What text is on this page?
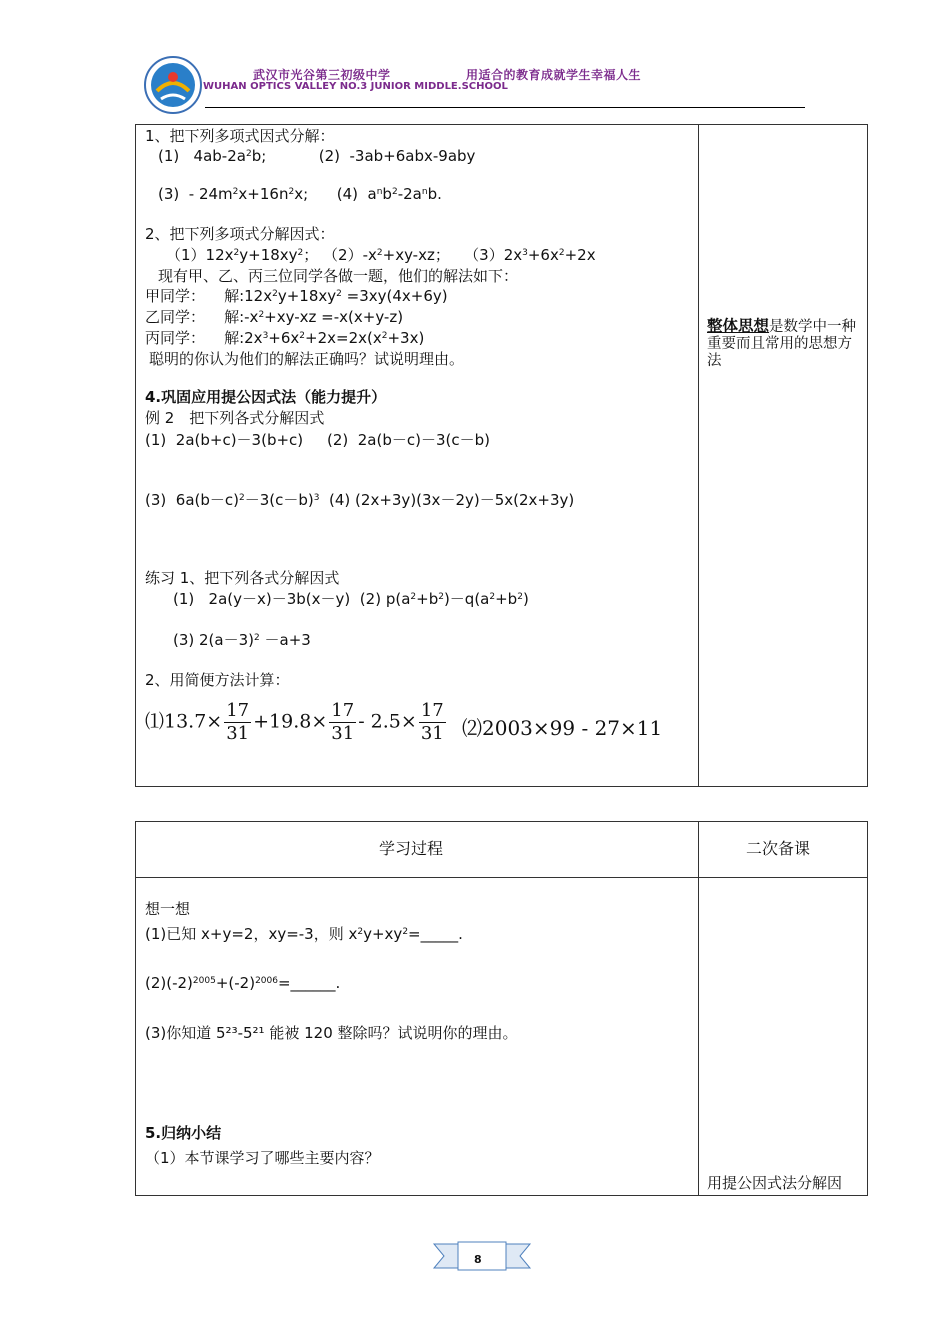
武汉市光谷第三初级中学	用适合的教育成就学生幸福人生
WUHAN OPTICS VALLEY NO.3 JUNIOR MIDDLE.SCHOOL
1、把下列多项式因式分解：
(1)   $4ab-2a^2b$;           (2)  -3ab+6abx-9aby
$(3) - 24m^2x+16n^2x$;      (4)  $a^nb^2-2a^nb$.
2、把下列多项式分解因式：
$(1)12x^2y+18xy^2$； $(2)-x^2+xy-xz$；   $(3)2x^3+6x^2+2x$
现有甲、乙、丙三位同学各做一题，他们的解法如下：
甲同学：    解$:12x^2y+18xy^2 =3xy(4x+6y)$
乙同学：    解$:-x^2+xy-xz =-x(x+y-z)$
丙同学：    解$:2x^3+6x^2+2x=2x(x^2+3x)$
聪明的你认为他们的解法正确吗？试说明理由。
4.巩固应用提公因式法（能力提升）
例 2　把下列各式分解因式
(1)  2a(b+c)－3(b+c)     (2)  2a(b－c)－3(c－b)
(3)  $6a(b-c)^2-3(c-b)^3$  (4) (2x+3y)(3x－2y)－5x(2x+3y)
练习 1、把下列各式分解因式
(1)   2a(y－x)－3b(x－y)  (2) $p(a^2+b^2)-q(a^2+b^2)$
(3) $2(a-3)^2 -a+3$
2、用简便方法计算：
⑴13.7× $\frac{17}{31} +19.8\times \frac{17}{31} - 2.5\times \frac{17}{31}$ ⑵2003×99 - 27×11
整体思想是数学中一种重要而且常用的思想方法
学习过程	二次备课
想一想
(1)已知 x+y=2，xy=-3，则 $x^2y+xy^2=\_\_\_\_\_$.
$(2)(-2)^{2005}+(-2)^{2006}=\_\_\_\_\_\_$.
(3)你知道 5²³-5²¹ 能被 120 整除吗？试说明你的理由。
5.归纳小结
（1）本节课学习了哪些主要内容？
用提公因式法分解因
8
